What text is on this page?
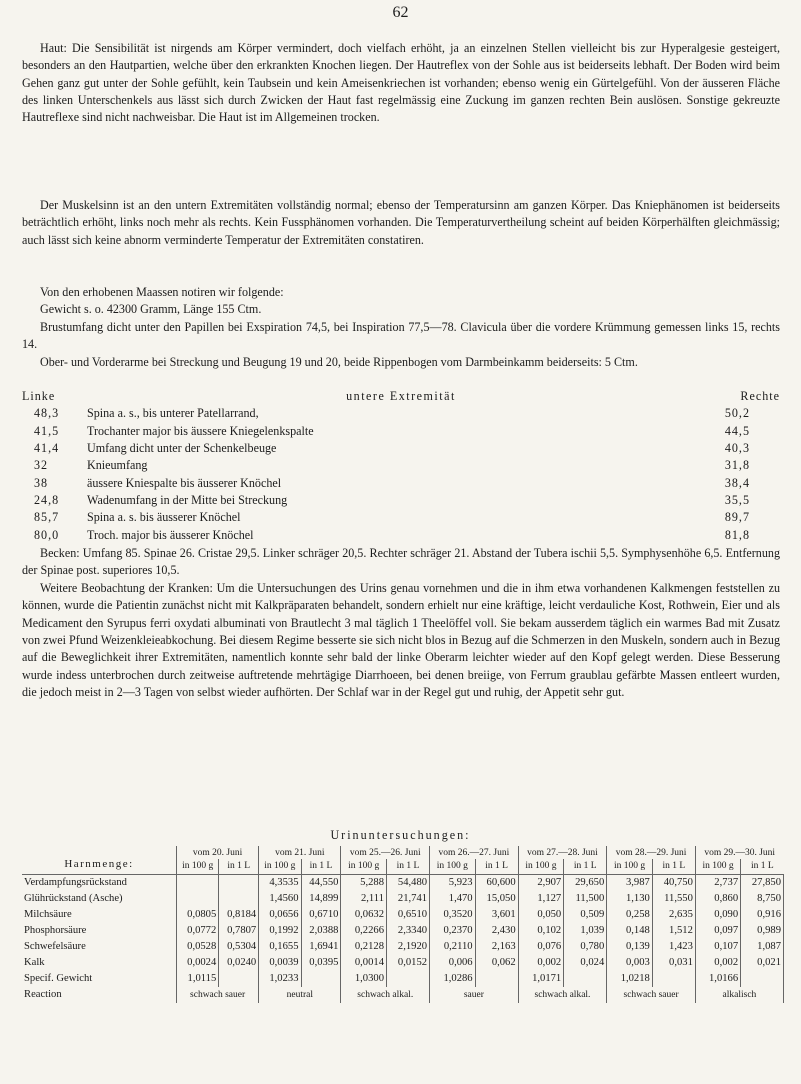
62

Haut: Die Sensibilität ist nirgends am Körper vermindert, doch vielfach erhöht, ja an einzelnen Stellen vielleicht bis zur Hyperalgesie gesteigert, besonders an den Hautpartien, welche über den erkrankten Knochen liegen. Der Hautreflex von der Sohle aus ist beiderseits lebhaft. Der Boden wird beim Gehen ganz gut unter der Sohle gefühlt, kein Taubsein und kein Ameisenkriechen ist vorhanden; ebenso wenig ein Gürtelgefühl. Von der äusseren Fläche des linken Unterschenkels aus lässt sich durch Zwicken der Haut fast regelmässig eine Zuckung im ganzen rechten Bein auslösen. Sonstige gekreuzte Hautreflexe sind nicht nachweisbar. Die Haut ist im Allgemeinen trocken.

Der Muskelsinn ist an den untern Extremitäten vollständig normal; ebenso der Temperatursinn am ganzen Körper. Das Kniephänomen ist beiderseits beträchtlich erhöht, links noch mehr als rechts. Kein Fussphänomen vorhanden. Die Temperaturvertheilung scheint auf beiden Körperhälften gleichmässig; auch lässt sich keine abnorm verminderte Temperatur der Extremitäten constatiren.

Von den erhobenen Maassen notiren wir folgende:

Gewicht s. o. 42300 Gramm, Länge 155 Ctm.

Brustumfang dicht unter den Papillen bei Exspiration 74,5, bei Inspiration 77,5—78. Clavicula über die vordere Krümmung gemessen links 15, rechts 14.

Ober- und Vorderarme bei Streckung und Beugung 19 und 20, beide Rippenbogen vom Darmbeinkamm beiderseits: 5 Ctm.

Linke	untere Extremität	Rechte
48,3 Spina a. s., bis unterer Patellarrand,	50,2
41,5 Trochanter major bis äussere Kniegelenkspalte	44,5
41,4 Umfang dicht unter der Schenkelbeuge	40,3
32	Knieumfang	31,8
38	äussere Kniespalte bis äusserer Knöchel	38,4
24,8 Wadenumfang in der Mitte bei Streckung	35,5
85,7 Spina a. s. bis äusserer Knöchel	89,7
80,0 Troch. major bis äusserer Knöchel	81,8

Becken: Umfang 85. Spinae 26. Cristae 29,5. Linker schräger 20,5. Rechter schräger 21. Abstand der Tubera ischii 5,5. Symphysenhöhe 6,5. Entfernung der Spinae post. superiores 10,5.

Weitere Beobachtung der Kranken: Um die Untersuchungen des Urins genau vornehmen und die in ihm etwa vorhandenen Kalkmengen feststellen zu können, wurde die Patientin zunächst nicht mit Kalkpräparaten behandelt, sondern erhielt nur eine kräftige, leicht verdauliche Kost, Rothwein, Eier und als Medicament den Syrupus ferri oxydati albuminati von Brautlecht 3 mal täglich 1 Theelöffel voll. Sie bekam ausserdem täglich ein warmes Bad mit Zusatz von zwei Pfund Weizenkleieabkochung. Bei diesem Regime besserte sie sich nicht blos in Bezug auf die Schmerzen in den Muskeln, sondern auch in Bezug auf die Beweglichkeit ihrer Extremitäten, namentlich konnte sehr bald der linke Oberarm leichter wieder auf den Kopf gelegt werden. Diese Besserung wurde indess unterbrochen durch zeitweise auftretende mehrtägige Diarrhoeen, bei denen breiige, von Ferrum graublau gefärbte Massen entleert wurden, die jedoch meist in 2—3 Tagen von selbst wieder aufhörten. Der Schlaf war in der Regel gut und ruhig, der Appetit sehr gut.

Urinuntersuchungen:
	vom 20. Juni		vom 21. Juni		vom 25.—26. Juni		vom 26.—27. Juni		vom 27.—28. Juni		vom 28.—29. Juni		vom 29.—30. Juni	
Harnmenge:	in 100 g	in 1 L	in 100 g	in 1 L	in 100 g	in 1 L	in 100 g	in 1 L	in 100 g	in 1 L	in 100 g	in 1 L	in 100 g	in 1 L
Verdampfungsrückstand			4,3535	44,550	5,288	54,480	5,923	60,600	2,907	29,650	3,987	40,750	2,737	27,850
Glührückstand (Asche)			1,4560	14,899	2,111	21,741	1,470	15,050	1,127	11,500	1,130	11,550	0,860	8,750
Milchsäure	0,0805	0,8184	0,0656	0,6710	0,0632	0,6510	0,3520	3,601	0,050	0,509	0,258	2,635	0,090	0,916
Phosphorsäure	0,0772	0,7807	0,1992	2,0388	0,2266	2,3340	0,2370	2,430	0,102	1,039	0,148	1,512	0,097	0,989
Schwefelsäure	0,0528	0,5304	0,1655	1,6941	0,2128	2,1920	0,2110	2,163	0,076	0,780	0,139	1,423	0,107	1,087
Kalk	0,0024	0,0240	0,0039	0,0395	0,0014	0,0152	0,006	0,062	0,002	0,024	0,003	0,031	0,002	0,021
Specif. Gewicht	1,0115		1,0233		1,0300		1,0286		1,0171		1,0218		1,0166	
Reaction	schwach sauer		neutral		schwach alkal.		sauer		schwach alkal.		schwach sauer		alkalisch	
